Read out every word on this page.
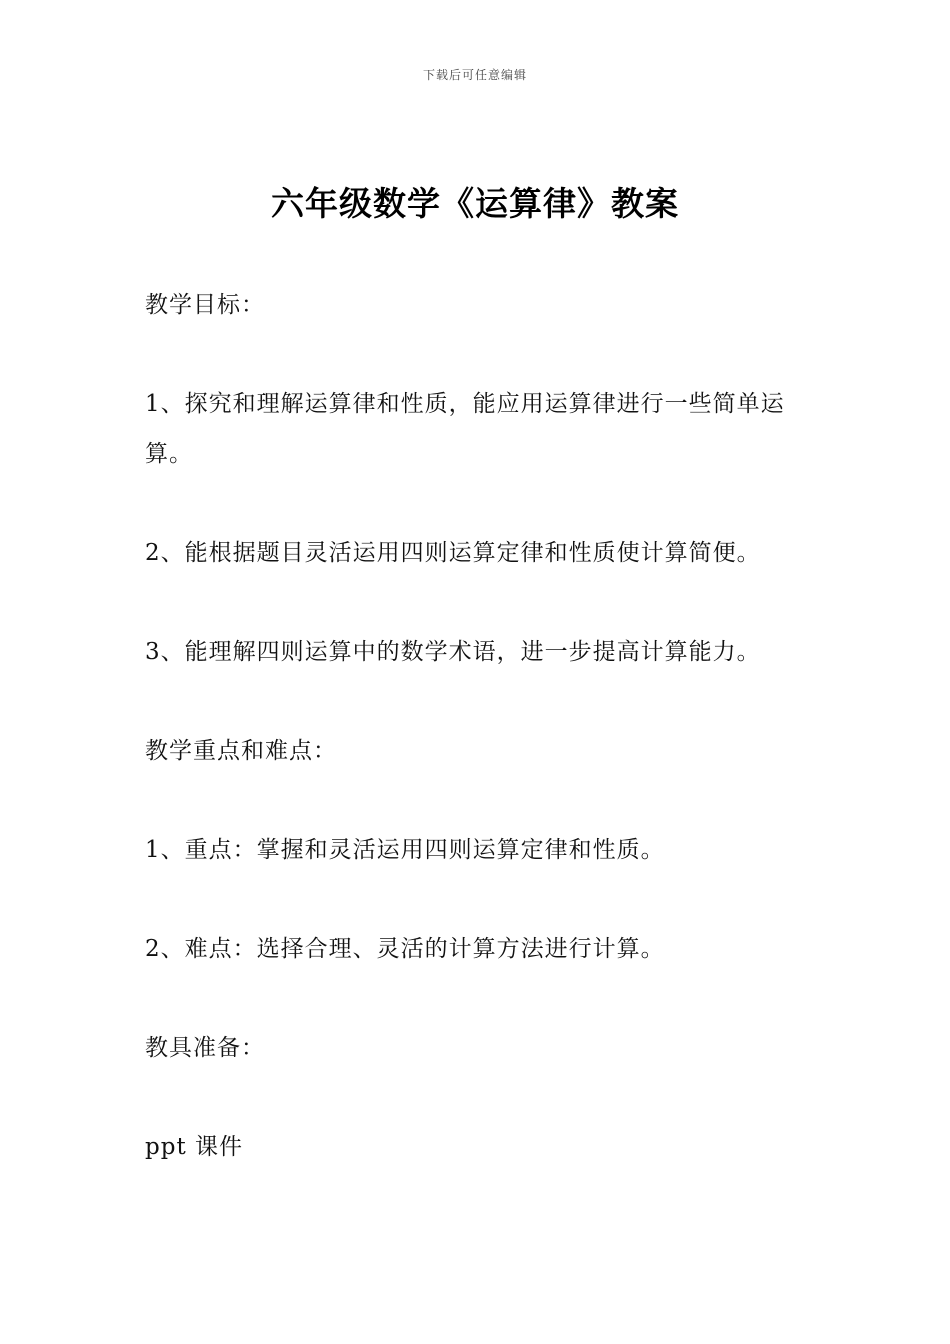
下载后可任意编辑
六年级数学《运算律》教案

教学目标：

1、探究和理解运算律和性质，能应用运算律进行一些简单运算。

2、能根据题目灵活运用四则运算定律和性质使计算简便。

3、能理解四则运算中的数学术语，进一步提高计算能力。

教学重点和难点：

1、重点：掌握和灵活运用四则运算定律和性质。

2、难点：选择合理、灵活的计算方法进行计算。

教具准备：

ppt 课件
